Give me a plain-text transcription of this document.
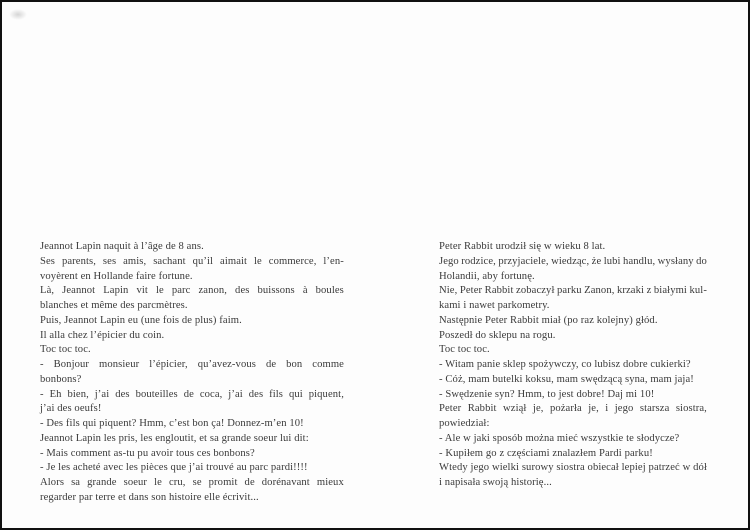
Jeannot Lapin naquit à l’âge de 8 ans.
Ses parents, ses amis, sachant qu’il aimait le commerce, l’en-
voyèrent en Hollande faire fortune.
Là, Jeannot Lapin vit le parc zanon, des buissons à boules
blanches et même des parcmètres.
Puis, Jeannot Lapin eu (une fois de plus) faim.
Il alla chez l’épicier du coin.
Toc toc toc.
- Bonjour monsieur l’épicier, qu’avez-vous de bon comme
bonbons?
- Eh bien, j’ai des bouteilles de coca, j’ai des fils qui piquent,
j’ai des oeufs!
- Des fils qui piquent? Hmm, c’est bon ça! Donnez-m’en 10!
Jeannot Lapin les pris, les engloutit, et sa grande soeur lui dit:
- Mais comment as-tu pu avoir tous ces bonbons?
- Je les acheté avec les pièces que j’ai trouvé au parc pardi!!!!
Alors sa grande soeur le cru, se promit de dorénavant mieux
regarder par terre et dans son histoire elle écrivit...
Peter Rabbit urodził się w wieku 8 lat.
Jego rodzice, przyjaciele, wiedząc, że lubi handlu, wysłany do
Holandii, aby fortunę.
Nie, Peter Rabbit zobaczył parku Zanon, krzaki z białymi kul-
kami i nawet parkometry.
Następnie Peter Rabbit miał (po raz kolejny) głód.
Poszedł do sklepu na rogu.
Toc toc toc.
- Witam panie sklep spożywczy, co lubisz dobre cukierki?
- Cóż, mam butelki koksu, mam swędzącą syna, mam jaja!
- Swędzenie syn? Hmm, to jest dobre! Daj mi 10!
Peter Rabbit wziął je, pożarła je, i jego starsza siostra,
powiedział:
- Ale w jaki sposób można mieć wszystkie te słodycze?
- Kupiłem go z częściami znalazłem Pardi parku!
Wtedy jego wielki surowy siostra obiecał lepiej patrzeć w dół
i napisała swoją historię...
